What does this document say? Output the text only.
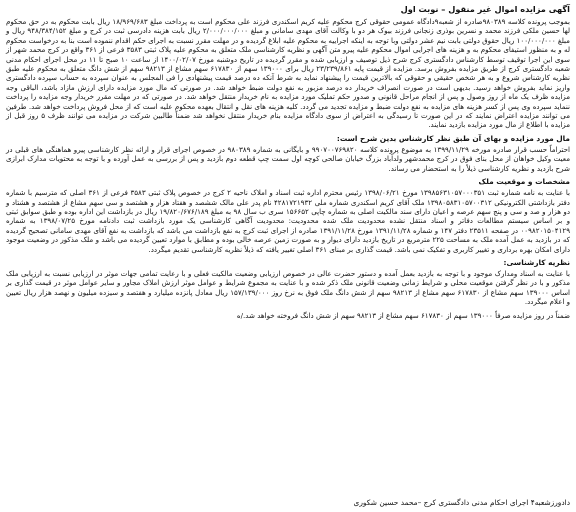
آگهی مزایده اموال غیر منقول – نوبت اول

بموجب پرونده کلاسه ۹۸۰۳۸۹صادره از شعبه۹دادگاه عمومی حقوقی کرج محکوم علیه کریم اسکندری فرزند علی محکوم است به پرداخت مبلغ ۱۸/۹۶۹/۶۸۳ ریال بابت محکوم به در حق محکوم لها حسین ملکی فرزند محمد و نسرین بوذری زنجانی فرزند بیوک هر دو با وکالت آقای مهدی سامانی و مبلغ ۲/۰۰۰/۰۰۰/۰۰۰ ریال بابت هزینه دادرسی ثبت در کرج و مبلغ ۹۴۸/۳۸۴/۱۵۲ ریال و مبلغ ۱۰۰/۰۰۰/۰۰۰ ریال حقوق دولتی بابت نیم عشر دولتی وبا توجه به اینکه اجراییه به محکوم علیه ابلاغ گردیده و در مهلت مقرر نسبت به اجرای حکم اقدام ننموده است بنا به درخواست محکوم له و به منظور استیفای محکوم به و هزینه های اجرایی اموال محکوم علیه پیرو متن آگهی و نظریه کارشناسی ملک متعلق به محکوم علیه پلاک ثبتی ۳۵۸۳ فرعی از ۳۶۱ واقع در کرج محمد شهر از سوی این اجرا توقیف توسط کارشناس دادگستری کرج شرح ذیل توصیف و ارزیابی شده و مقرر گردیده در تاریخ دوشنبه مورخ ۱۴۰۰/۰۲/۰۷ از ساعت ۱۰ صبح تا ۱۱ در محل اجرای احکام مدنی شعبه دادگستری کرج از طریق مزایده بفروش برسد. مزایده از قیمت پایه ۲۳/۲۳۹/۸۶۱ ریال برای ۱۳۹۰۰۰ سهم از ۶۱۷۸۳۰ سهم مشاع از ۹۸۲۱۳ سهم از شش دانگ متعلق به محکوم علیه طبق نظریه کارشناس شروع و به هر شخص حقیقی و حقوقی که بالاترین قیمت را پیشنهاد نماید به شرط آنکه ده درصد قیمت پیشنهادی را فی المجلس به عنوان سپرده به حساب سپرده دادگستری واریز نماید بفروش خواهد رسید. بدیهی است در صورت انصراف خریدار ده درصد مزبور به نفع دولت ضبط خواهد شد. در صورتی که مال مورد مزایده دارای ارزش مازاد باشد، الباقی وجه مزایده ظرف یک ماه از روز وصول و پس از انجام مراحل قانونی و صدور حکم تملیک مورد مزایده به نام خریدار منتقل خواهد شد. در صورتی که در مهلت مقرر خریدار وجه مزایده را پرداخت ننماید سپرده وی پس از کسر هزینه های مزایده به نفع دولت ضبط و مزایده تجدید می گردد. کلیه هزینه های نقل و انتقال بعهده محکوم علیه است که از محل فروش پرداخت خواهد شد. طرفین می توانند مزایده اعتراض نمایند که در این صورت تا رسیدگی به اعتراض از سوی دادگاه مزایده بنام خریدار منتقل نخواهد شد ضمناً طالبین شرکت در مزایده می توانند ظرف ۵ روز قبل از مزایده با اطلاع از مال مورد مزایده بازدید نمایند.

مال مورد مزایده و بهای آن طبق نظر کارشناس بدین شرح است:

احتراماً حسب قرار صادره مورخه ۱۳۹۹/۱۱/۲۹ به موضوع پرونده کلاسه ۹۹۰۷۰۰۷۶۹۸۲۰ و بایگانی به شماره ۹۸۰۳۸۹ در خصوص اجرای قرار و ارائه نظر کارشناسی پیرو هماهنگی های قبلی در معیت وکیل خواهان از محل بنای فوق در کرج محمدشهر ولدآباد بزرگ خیابان صالحی کوچه اول سمت چپ قطعه دوم بازدید و پس از بررسی به عمل آورده و با توجه به محتویات مدارک ابرازی شرح بازدید و نظریه کارشناسی ذیلاً را به استحضار می رساند.

مشخصات و موقعیت ملک

با عنایت به نامه شماره ثبت ۱۳۹۸۵۶۳۱۰۵۷۰۰۰۳۵۱ مورخ ۱۳۹۸/۰۶/۲۱ رئیس محترم اداره ثبت اسناد و املاک ناحیه ۲ کرج در خصوص پلاک ثبتی ۳۵۸۳ فرعی از ۳۶۱ اصلی که مترسیم با شماره دفتر بازداشتی الکترونیکی ۱۳۹۸۰۵۸۳۱۰۵۷۰۰۳۱۲ ملک آقای کریم اسکندری شماره ملی ۴۲۸۱۷۲۱۹۳۲ نام پدر علی مالک ششصد و هفتاد هزار و هشتصد و سی سهم مشاع از هشتصد و هشتاد و دو هزار و صد و سی و پنج سهم عرصه و اعیان دارای سند مالکیت اصلی به شماره چاپی ۱۵۶۶۵۲ سری ب سال ۹۸ به مبلغ ۱۹/۸۲۰/۶۷۶/۱۸۹ ریال در بازداشت این اداره بوده و طبق سوابق ثبتی و بر اساس سیستم مطالعات دفاتر و اسناد منتقل نشده محدودیت ملک شده محدودیت: محدودیت آگاهی کارشناسی یک مورد بازداشت ثبت دادنامه مورخ ۱۳۹۸/۰۷/۲۵ به شماره ۰۰۹۸۲۰۱۵۰۴۱۲۹ در صفحه ۲۳۵۱۱ دفتر ۱۴۷ و شماره ۱۳۹۱/۱۱/۲۸ مورخ ۱۳۹۱/۱۱/۲۸ صادره از اجرای ثبت کرج به نفع بازداشت می باشد که بازداشت به نفع آقای مهدی سامانی تصحیح گردیده که در بازدید به عمل آمده ملک به مساحت ۲۲۵ مترمربع در تاریخ بازدید دارای دیوار و به صورت زمین عرصه خالی بوده و مطابق با موارد تعیین گردیده می باشد و ملک مذکور در وضعیت موجود دارای امکان بهره برداری و تغییر کاربری و تفکیک نمی باشد. قیمت گذاری بر مبنای ۳۶۱ اصلی تغییر یافته که ذیلاً نظریه کارشناسی تقدیم میگردد.

نظریه کارشناسی:

با عنایت به اسناد ومدارک موجود و با توجه به بازدید بعمل آمده و دستور حضرت عالی در خصوص ارزیابی وضعیت مالکیت فعلی و با رعایت تمامی جهات موثر در ارزیابی نسبت به ارزیابی ملک مذکور و با در نظر گرفتن موقعیت محلی و شرایط زمانی وضعیت قانونی ملک ذکر شده و با عنایت به مجموع شرایط و عوامل موثر ارزش املاک مجاور و سایر عوامل موثر در قیمت گذاری بر اساس ۱۳۹۰۰۰ سهم مشاع از ۶۱۷۸۳۰ سهم مشاع از ۹۸۲۱۳ سهم از شش دانگ ملک فوق به نرخ روز ۱۵۷/۱۳۹/۰۰۰ ریال معادل پانزده میلیارد و هفتصد و سیزده میلیون و نهصد هزار ریال تعیین و اعلام میگردد.

ضمناً در روز مزایده صرفاً ۱۳۹۰۰۰ سهم از ۶۱۷۸۳۰ سهم مشاع از ۹۸۲۱۳ سهم از شش دانگ فروخته خواهد شد./ه

دادورزشعبه۴ اجرای احکام مدنی دادگستری کرج –محمد حسین شکوری
